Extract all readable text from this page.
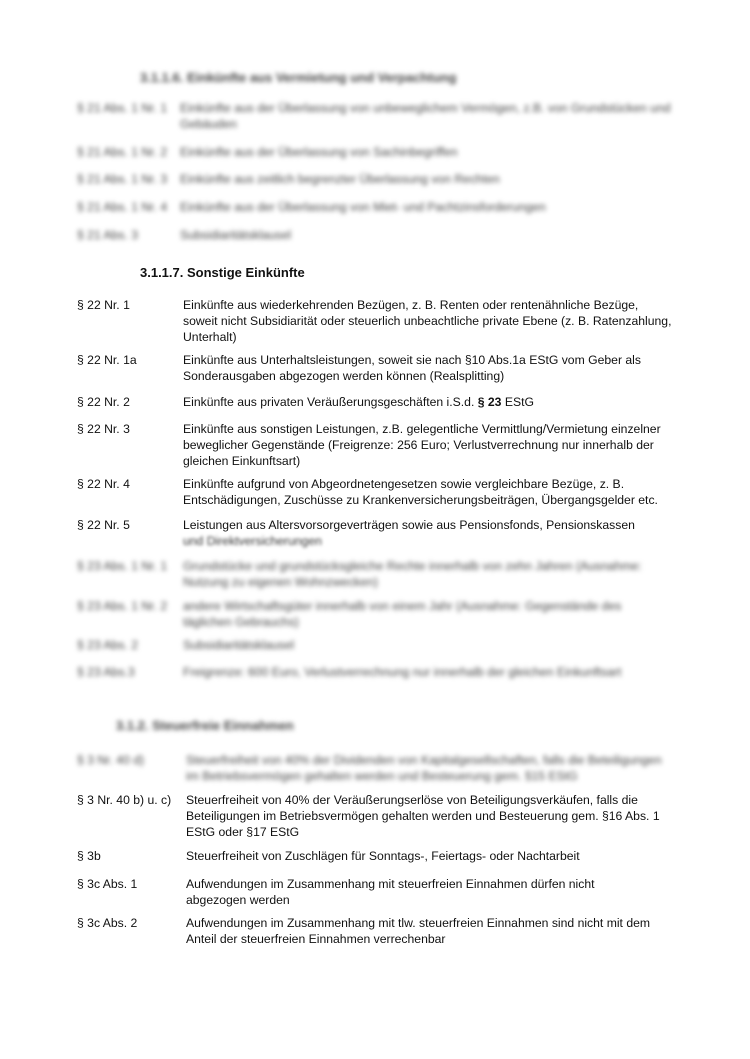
3.1.1.6. Einkünfte aus Vermietung und Verpachtung
§ 21 Abs. 1 Nr. 1 Einkünfte aus der Überlassung von unbeweglichem Vermögen, z.B. von Grundstücken und Gebäuden
§ 21 Abs. 1 Nr. 2 Einkünfte aus der Überlassung von Sachinbegriffen
§ 21 Abs. 1 Nr. 3 Einkünfte aus zeitlich begrenzter Überlassung von Rechten
§ 21 Abs. 1 Nr. 4 Einkünfte aus der Überlassung von Miet- und Pachtzinsforderungen
§ 21 Abs. 3	Subsidiaritätsklausel
3.1.1.7. Sonstige Einkünfte
§ 22 Nr. 1	Einkünfte aus wiederkehrenden Bezügen, z. B. Renten oder rentenähnliche Bezüge, soweit nicht Subsidiarität oder steuerlich unbeachtliche private Ebene (z. B. Ratenzahlung, Unterhalt)
§ 22 Nr. 1a	Einkünfte aus Unterhaltsleistungen, soweit sie nach §10 Abs.1a EStG vom Geber als Sonderausgaben abgezogen werden können (Realsplitting)
§ 22 Nr. 2	Einkünfte aus privaten Veräußerungsgeschäften i.S.d. § 23 EStG
§ 22 Nr. 3	Einkünfte aus sonstigen Leistungen, z.B. gelegentliche Vermittlung/Vermietung einzelner beweglicher Gegenstände (Freigrenze: 256 Euro; Verlustverrechnung nur innerhalb der gleichen Einkunftsart)
§ 22 Nr. 4	Einkünfte aufgrund von Abgeordnetengesetzen sowie vergleichbare Bezüge, z. B. Entschädigungen, Zuschüsse zu Krankenversicherungsbeiträgen, Übergangsgelder etc.
§ 22 Nr. 5	Leistungen aus Altersvorsorgeverträgen sowie aus Pensionsfonds, Pensionskassen
und Direktversicherungen
§ 23 Abs. 1 Nr. 1 Grundstücke und grundstücksgleiche Rechte innerhalb von zehn Jahren (Ausnahme: Nutzung zu eigenen Wohnzwecken)
§ 23 Abs. 1 Nr. 2 andere Wirtschaftsgüter innerhalb von einem Jahr (Ausnahme: Gegenstände des täglichen Gebrauchs)
§ 23 Abs. 2	Subsidiaritätsklausel
§ 23 Abs.3	Freigrenze: 600 Euro, Verlustverrechnung nur innerhalb der gleichen Einkunftsart
3.1.2. Steuerfreie Einnahmen
§ 3 Nr. 40 d)	Steuerfreiheit von 40% der Dividenden von Kapitalgesellschaften, falls die Beteiligungen im Betriebsvermögen gehalten werden und Besteuerung gem. §15 EStG
§ 3 Nr. 40 b) u. c) Steuerfreiheit von 40% der Veräußerungserlöse von Beteiligungsverkäufen, falls die Beteiligungen im Betriebsvermögen gehalten werden und Besteuerung gem. §16 Abs. 1 EStG oder §17 EStG
§ 3b	Steuerfreiheit von Zuschlägen für Sonntags-, Feiertags- oder Nachtarbeit
§ 3c Abs. 1	Aufwendungen im Zusammenhang mit steuerfreien Einnahmen dürfen nicht abgezogen werden
§ 3c Abs. 2	Aufwendungen im Zusammenhang mit tlw. steuerfreien Einnahmen sind nicht mit dem Anteil der steuerfreien Einnahmen verrechenbar
